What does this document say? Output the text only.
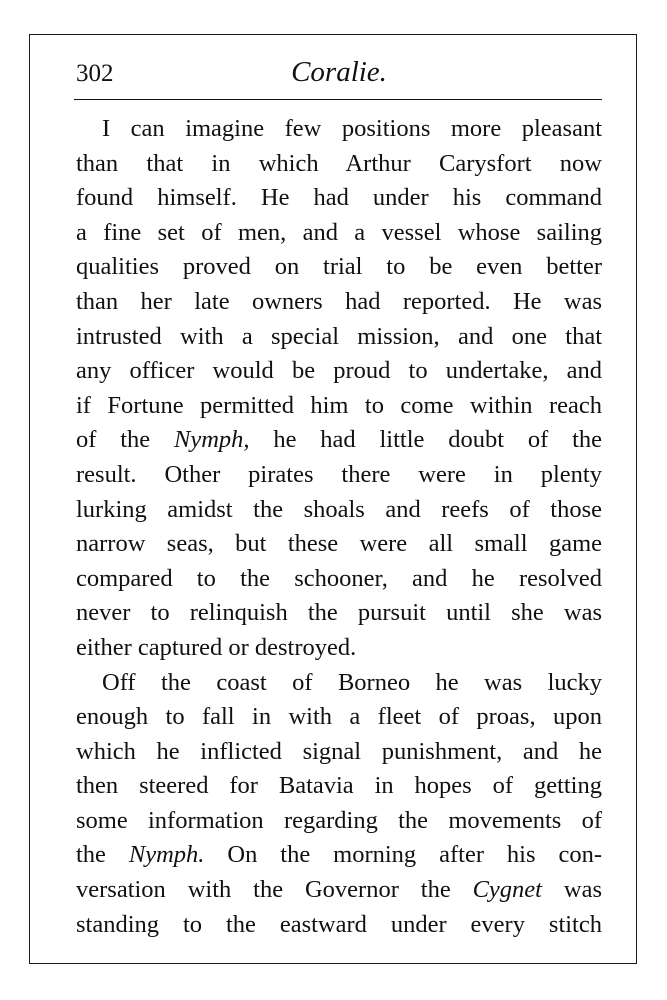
302	Coralie.
I can imagine few positions more pleasant
than that in which Arthur Carysfort now
found himself. He had under his command
a fine set of men, and a vessel whose sailing
qualities proved on trial to be even better
than her late owners had reported. He was
intrusted with a special mission, and one that
any officer would be proud to undertake, and
if Fortune permitted him to come within reach
of the Nymph, he had little doubt of the
result. Other pirates there were in plenty
lurking amidst the shoals and reefs of those
narrow seas, but these were all small game
compared to the schooner, and he resolved
never to relinquish the pursuit until she was
either captured or destroyed.
Off the coast of Borneo he was lucky
enough to fall in with a fleet of proas, upon
which he inflicted signal punishment, and he
then steered for Batavia in hopes of getting
some information regarding the movements of
the Nymph. On the morning after his con-
versation with the Governor the Cygnet was
standing to the eastward under every stitch
